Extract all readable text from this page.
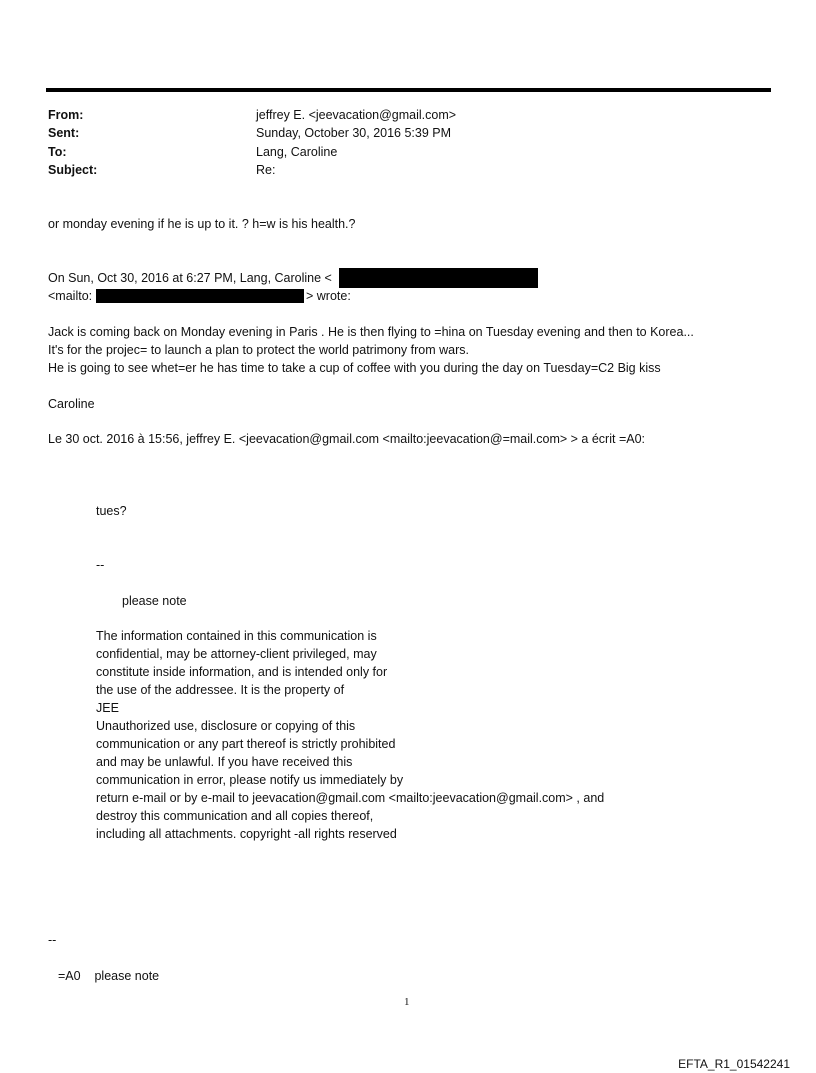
From:	jeffrey E. <jeevacation@gmail.com>
Sent:	Sunday, October 30, 2016 5:39 PM
To:	Lang, Caroline
Subject:	Re:
or monday evening if he is up to it. ? h=w is his health.?
On Sun, Oct 30, 2016 at 6:27 PM, Lang, Caroline <
<mailto:	> wrote:
Jack is coming back on Monday evening in Paris . He is then flying to =hina on Tuesday evening and then to Korea...
It's for the projec= to launch a plan to protect the world patrimony from wars.
He is going to see whet=er he has time to take a cup of coffee with you during the day on Tuesday=C2 Big kiss
Caroline
Le 30 oct. 2016 à 15:56, jeffrey E. <jeevacation@gmail.com <mailto:jeevacation@=mail.com> > a écrit =A0:
tues?
--
please note
The information contained in this communication is
confidential, may be attorney-client privileged, may
constitute inside information, and is intended only for
the use of the addressee. It is the property of
JEE
Unauthorized use, disclosure or copying of this
communication or any part thereof is strictly prohibited
and may be unlawful. If you have received this
communication in error, please notify us immediately by
return e-mail or by e-mail to jeevacation@gmail.com <mailto:jeevacation@gmail.com> , and
destroy this communication and all copies thereof,
including all attachments. copyright -all rights reserved
--
=A0    please note
1
EFTA_R1_01542241
